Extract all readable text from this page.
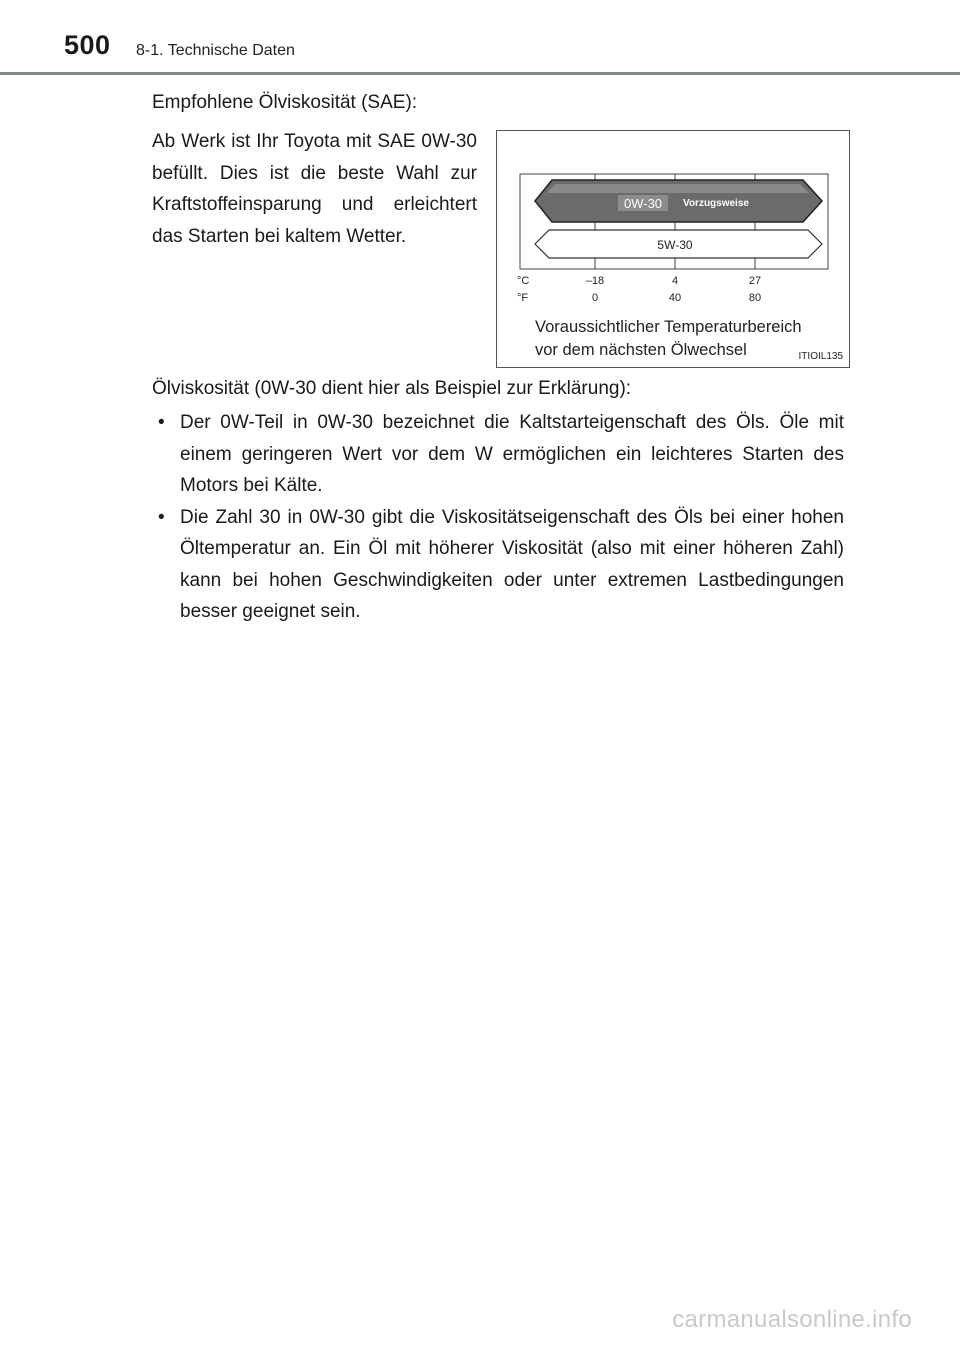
500 8-1. Technische Daten
Empfohlene Ölviskosität (SAE):

Ab Werk ist Ihr Toyota mit SAE 0W-30 befüllt. Dies ist die beste Wahl zur Kraftstoffeinsparung und erleichtert das Starten bei kaltem Wetter.

0W-30 Vorzugsweise
5W-30
°C
°F
–18	4	27
0	40	80
Voraussichtlicher Temperaturbereich
vor dem nächsten Ölwechsel	ITIOIL135
Ölviskosität (0W-30 dient hier als Beispiel zur Erklärung):
• Der 0W-Teil in 0W-30 bezeichnet die Kaltstarteigenschaft des Öls. Öle mit einem geringeren Wert vor dem W ermöglichen ein leichteres Starten des Motors bei Kälte.
• Die Zahl 30 in 0W-30 gibt die Viskositätseigenschaft des Öls bei einer hohen Öltemperatur an. Ein Öl mit höherer Viskosität (also mit einer höheren Zahl) kann bei hohen Geschwindigkeiten oder unter extremen Lastbedingungen besser geeignet sein.
carmanualsonline.info
